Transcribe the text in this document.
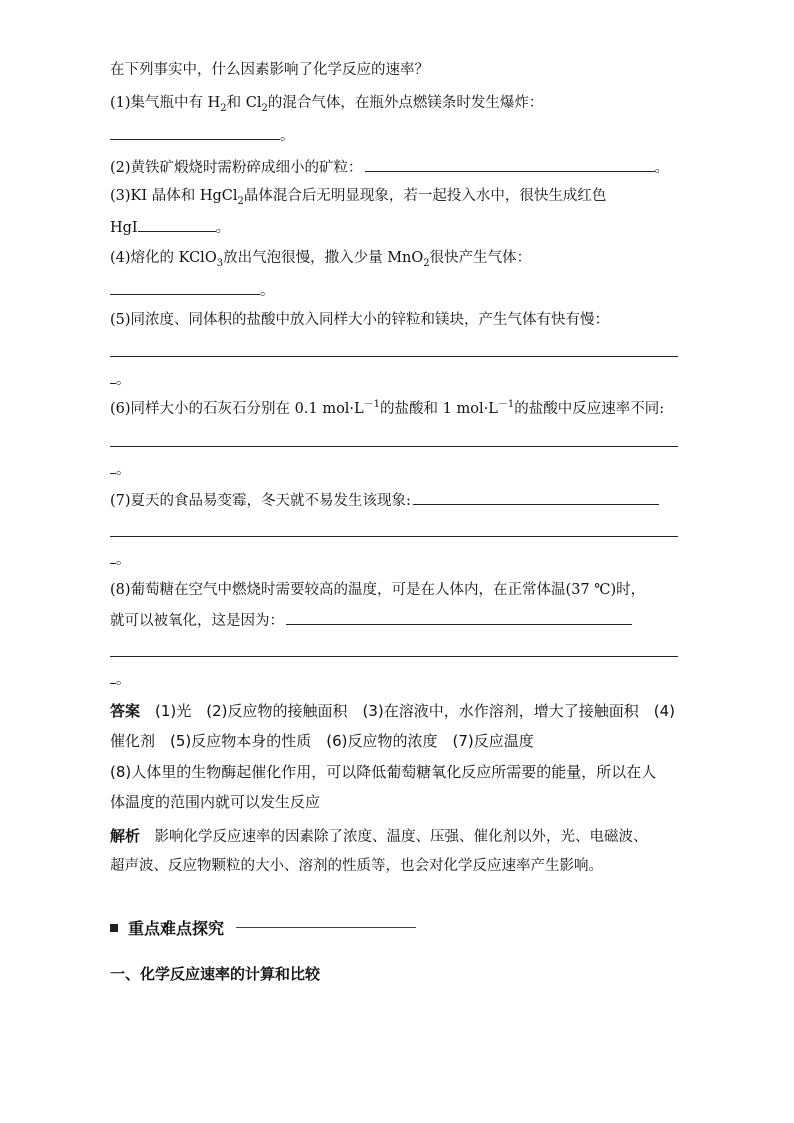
在下列事实中，什么因素影响了化学反应的速率？
(1)集气瓶中有 $H_2$和 $Cl_2$的混合气体，在瓶外点燃镁条时发生爆炸：
。
(2)黄铁矿煅烧时需粉碎成细小的矿粒：	。
(3)KI 晶体和 HgCl$_2$晶体混合后无明显现象，若一起投入水中，很快生成红色
HgI	。
(4)熔化的 KClO$_3$放出气泡很慢，撒入少量 MnO$_2$很快产生气体：
。
(5)同浓度、同体积的盐酸中放入同样大小的锌粒和镁块，产生气体有快有慢：
。
(6)同样大小的石灰石分别在 0.1 $mol\cdot L^{-1}$的盐酸和 1 $mol\cdot L^{-1}$的盐酸中反应速率不同:
。
(7)夏天的食品易变霉，冬天就不易发生该现象:
。
(8)葡萄糖在空气中燃烧时需要较高的温度，可是在人体内，在正常体温(37 ℃)时，
就可以被氧化，这是因为：
。
答案　 (1)光　(2)反应物的接触面积　(3)在溶液中，水作溶剂，增大了接触面积　(4)
催化剂　(5)反应物本身的性质　(6)反应物的浓度　(7)反应温度
(8)人体里的生物酶起催化作用，可以降低葡萄糖氧化反应所需要的能量，所以在人
体温度的范围内就可以发生反应
解析　 影响化学反应速率的因素除了浓度、温度、压强、催化剂以外，光、电磁波、
超声波、反应物颗粒的大小、溶剂的性质等，也会对化学反应速率产生影响。
重点难点探究
一、化学反应速率的计算和比较
